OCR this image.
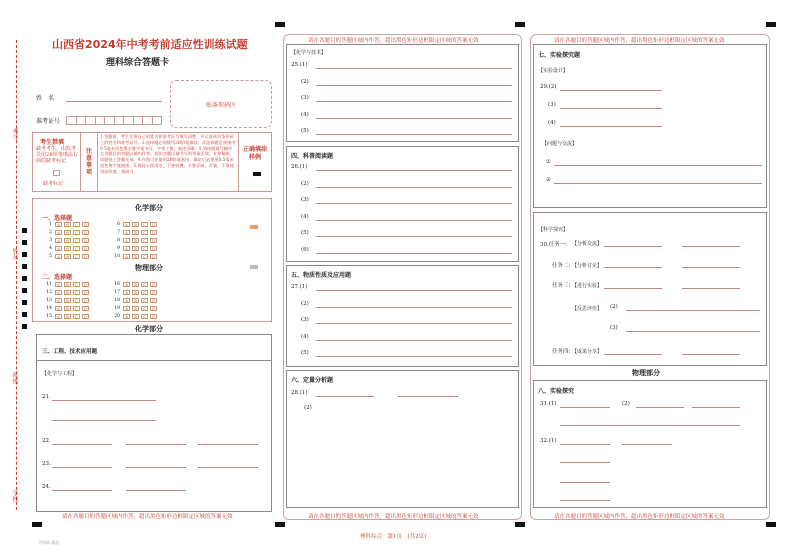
考号
姓名
班级
学校
山西省2024年中考考前适应性训练试题
理科综合答题卡
姓　名
准考证号
贴条形码区
考生禁填
缺考考生，由监考员用2B铅笔填涂右面的缺考标记
缺考标记
注意事项
1.答题前，考生先将自己的姓名和准考证号填写清楚，并认真核对条形码上的姓名和准考证号。2.选择题必须使用2B铅笔填涂；非选择题必须使用0.5毫米黑色墨水签字笔书写，字体工整，笔迹清晰。3.请按照题号顺序在各题目的答题区域内作答，超出答题区域书写的答案无效；在草稿纸、试题卷上答题无效。4.作图可先使用2B铅笔画出，确定后必须用0.5毫米黑色签字笔描黑。5.保持卡面清洁，不要折叠，不要弄破、弄皱，不准使用涂改液、刮纸刀。
正确填涂样例
化学部分
一、选择题
物理部分
二、选择题
化学部分
三、工程、技术应用题
【化学与工程】
21.
22.
23.
24.
请在各题目的答题区域内作答，超出黑色矩形边框限定区域的答案无效
请在各题目的答题区域内作答，超出黑色矩形边框限定区域的答案无效
【化学与技术】
四、科普阅读题
五、物质性质及应用题
六、定量分析题
28.(1)
(2)
请在各题目的答题区域内作答，超出黑色矩形边框限定区域的答案无效
请在各题目的答题区域内作答，超出黑色矩形边框限定区域的答案无效
七、实验探究题
【实验设计】
【问题与交流】
①
②
【科学探究】
30.任务一: 【分析交流】
任务二: 【分析讨论】
任务三: 【进行实验】
【反思评价】 (2)
(3)
任务四: 【成果分享】
物理部分
八、实验探究
31.(1)	(2)
32.(1)
请在各题目的答题区域内作答，超出黑色矩形边框限定区域的答案无效
理科综合　第1页　(共2页)
学科网 精品
1	A	B	C	D
2	A	B	C	D
3	A	B	C	D
4	A	B	C	D
5	A	B	C	D
6	A	B	C	D
7	A	B	C	D
8	A	B	C	D
9	A	B	C	D
10	A	B	C	D
11	A	B	C	D
12	A	B	C	D
13	A	B	C	D
14	A	B	C	D
15	A	B	C	D
16	A	B	C	D
17	A	B	C	D
18	A	B	C	D
19	A	B	C	D
20	A	B	C	D
25.(1)
(2)
(3)
(4)
(5)
26.(1)
(2)
(3)
(4)
(5)
(6)
27.(1)
(2)
(3)
(4)
(5)
29.(2)
(3)
(4)
